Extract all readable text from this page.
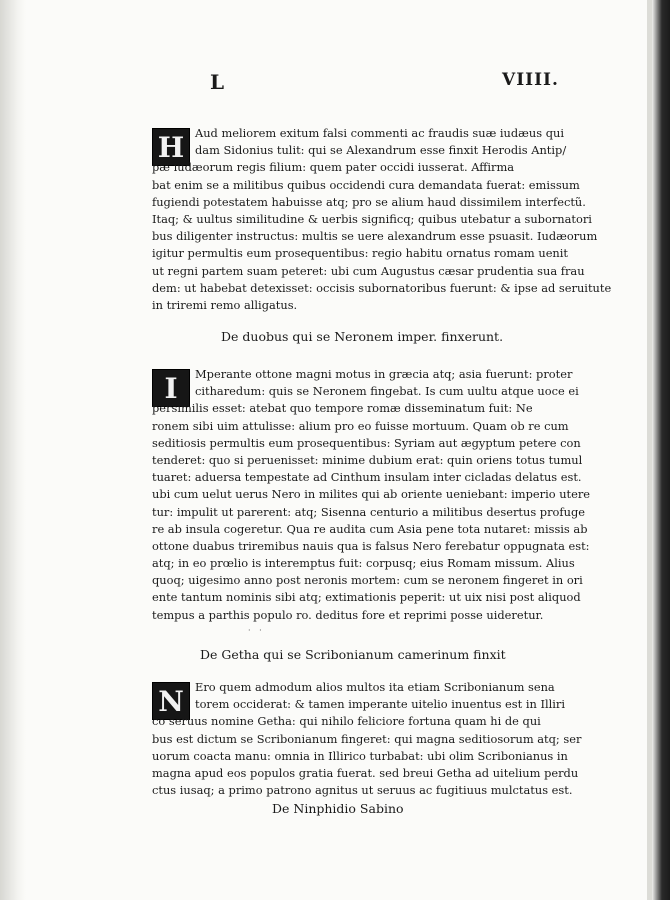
L	VIIII.
H Aud meliorem exitum falsi commenti ac fraudis suæ iudæus qui
dam Sidonius tulit: qui se Alexandrum esse finxit Herodis Antip/
pæ iudæorum regis filium: quem pater occidi iusserat. Affirma
bat enim se a militibus quibus occidendi cura demandata fuerat: emissum
fugiendi potestatem habuisse atq; pro se alium haud dissimilem interfectũ.
Itaq; & uultus similitudine & uerbis significq; quibus utebatur a subornatori
bus diligenter instructus: multis se uere alexandrum esse psuasit. Iudæorum
igitur permultis eum prosequentibus: regio habitu ornatus romam uenit
ut regni partem suam peteret: ubi cum Augustus cæsar prudentia sua frau
dem: ut habebat detexisset: occisis subornatoribus fuerunt: & ipse ad seruitute
in triremi remo alligatus.
De duobus qui se Neronem imper. finxerunt.
I	Mperante ottone magni motus in græcia atq; asia fuerunt: proter
citharedum: quis se Neronem fingebat. Is cum uultu atque uoce ei
persimilis esset: atebat quo tempore romæ disseminatum fuit: Ne
ronem sibi uim attulisse: alium pro eo fuisse mortuum. Quam ob re cum
seditiosis permultis eum prosequentibus: Syriam aut ægyptum petere con
tenderet: quo si peruenisset: minime dubium erat: quin oriens totus tumul
tuaret: aduersa tempestate ad Cinthum insulam inter cicladas delatus est.
ubi cum uelut uerus Nero in milites qui ab oriente ueniebant: imperio utere
tur: impulit ut parerent: atq; Sisenna centurio a militibus desertus profuge
re ab insula cogeretur. Qua re audita cum Asia pene tota nutaret: missis ab
ottone duabus triremibus nauis qua is falsus Nero ferebatur oppugnata est:
atq; in eo prœlio is interemptus fuit: corpusq; eius Romam missum. Alius
quoq; uigesimo anno post neronis mortem: cum se neronem fingeret in ori
ente tantum nominis sibi atq; extimationis peperit: ut uix nisi post aliquod
tempus a parthis populo ro. deditus fore et reprimi posse uideretur.
· ·
De Getha qui se Scribonianum camerinum finxit
N Ero quem admodum alios multos ita etiam Scribonianum sena
torem occiderat: & tamen imperante uitelio inuentus est in Illiri
co seruus nomine Getha: qui nihilo feliciore fortuna quam hi de qui
bus est dictum se Scribonianum fingeret: qui magna seditiosorum atq; ser
uorum coacta manu: omnia in Illirico turbabat: ubi olim Scribonianus in
magna apud eos populos gratia fuerat. sed breui Getha ad uitelium perdu
ctus iusaq; a primo patrono agnitus ut seruus ac fugitiuus mulctatus est.
De Ninphidio Sabino
